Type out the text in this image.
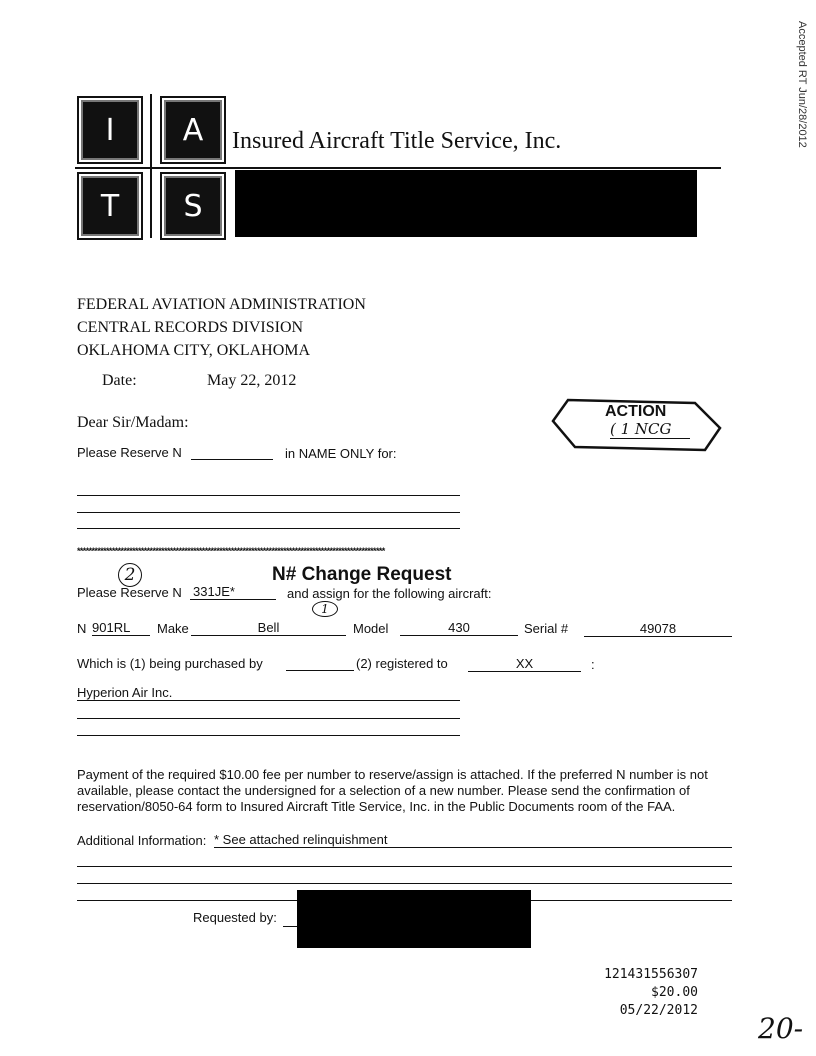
Accepted RT Jun/28/2012
I	A
T	S
Insured Aircraft Title Service, Inc.
FEDERAL AVIATION ADMINISTRATION
CENTRAL RECORDS DIVISION
OKLAHOMA CITY, OKLAHOMA
Date:	May 22, 2012
Dear Sir/Madam:
ACTION
( 1 NCG
Please Reserve N	in NAME ONLY for:
**********************************************************************************************************
N# Change Request
2
Please Reserve N 331JE*	and assign for the following aircraft:
1
N 901RL	Make	Bell	Model	430	Serial #	49078
Which is (1) being purchased by	(2) registered to	XX	:
Hyperion Air Inc.
Payment of the required $10.00 fee per number to reserve/assign is attached. If the preferred N number is not available, please contact the undersigned for a selection of a new number. Please send the confirmation of reservation/8050-64 form to Insured Aircraft Title Service, Inc. in the Public Documents room of the FAA.
Additional Information: * See attached relinquishment
Requested by:
121431556307
$20.00 05/22/2012
20-
